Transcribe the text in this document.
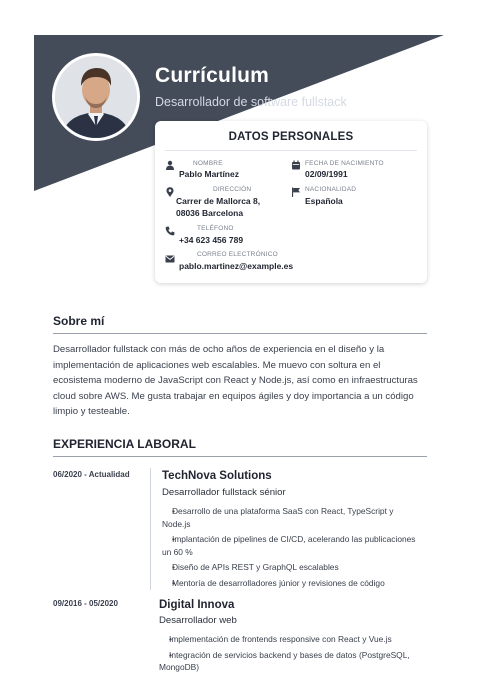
Currículum
Desarrollador de software fullstack
DATOS PERSONALES
NOMBRE
Pablo Martínez
FECHA DE NACIMIENTO
02/09/1991
DIRECCIÓN
Carrer de Mallorca 8,
08036 Barcelona
NACIONALIDAD
Española
TELÉFONO
+34 623 456 789
CORREO ELECTRÓNICO
pablo.martinez@example.es
Sobre mí
Desarrollador fullstack con más de ocho años de experiencia en el diseño y la implementación de aplicaciones web escalables. Me muevo con soltura en el ecosistema moderno de JavaScript con React y Node.js, así como en infraestructuras cloud sobre AWS. Me gusta trabajar en equipos ágiles y doy importancia a un código limpio y testeable.
EXPERIENCIA LABORAL
06/2020 - Actualidad	TechNova Solutions
Desarrollador fullstack sénior
• Desarrollo de una plataforma SaaS con React, TypeScript y Node.js
• Implantación de pipelines de CI/CD, acelerando las publicaciones un 60 %
• Diseño de APIs REST y GraphQL escalables
• Mentoría de desarrolladores júnior y revisiones de código
09/2016 - 05/2020	Digital Innova
Desarrollador web
• Implementación de frontends responsive con React y Vue.js
• Integración de servicios backend y bases de datos (PostgreSQL, MongoDB)
